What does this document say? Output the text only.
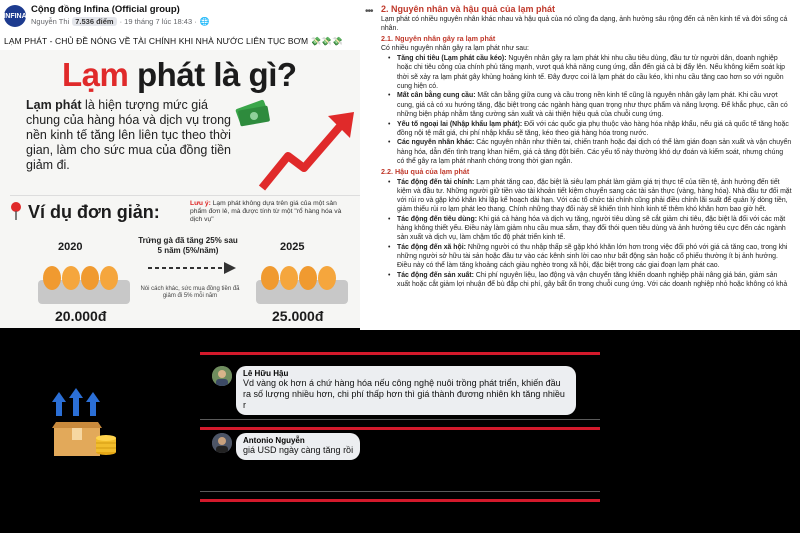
INFINA
Cộng đồng Infina (Official group)
Nguyễn Thi 7.536 điểm · 19 tháng 7 lúc 18:43 · 🌐
LẠM PHÁT - CHỦ ĐỀ NÓNG VỀ TÀI CHÍNH KHI NHÀ NƯỚC LIÊN TỤC BƠM 💸💸💸
Lạm phát là gì?
Lạm phát là hiện tượng mức giá chung của hàng hóa và dịch vụ trong nền kinh tế tăng lên liên tục theo thời gian, làm cho sức mua của đồng tiền giảm đi.
Ví dụ đơn giản:	Lưu ý: Lạm phát không dựa trên giá của một sản phẩm đơn lẻ, mà được tính từ một "rổ hàng hóa và dịch vụ"
2020	2025
Trứng gà đã tăng 25% sau 5 năm (5%/năm)
Nói cách khác, sức mua đồng tiền đã giảm đi 5% mỗi năm
20.000đ	25.000đ
••• 2. Nguyên nhân và hậu quả của lạm phát
Lạm phát có nhiều nguyên nhân khác nhau và hậu quả của nó cũng đa dạng, ảnh hưởng sâu rộng đến cả nền kinh tế và đời sống cá nhân.
2.1. Nguyên nhân gây ra lạm phát
Có nhiều nguyên nhân gây ra lạm phát như sau:
• Tăng chi tiêu (Lạm phát cầu kéo): Nguyên nhân gây ra lạm phát khi nhu cầu tiêu dùng, đầu tư từ người dân, doanh nghiệp hoặc chi tiêu công của chính phủ tăng mạnh, vượt quá khả năng cung ứng, dẫn đến giá cả bị đẩy lên. Nếu không kiểm soát kịp thời sẽ xảy ra lạm phát gây khủng hoảng kinh tế. Đây được coi là lạm phát do cầu kéo, khi nhu cầu tăng cao hơn so với nguồn cung hiện có.
• Mất cân bằng cung cầu: Mất cân bằng giữa cung và cầu trong nền kinh tế cũng là nguyên nhân gây lạm phát. Khi cầu vượt cung, giá cả có xu hướng tăng, đặc biệt trong các ngành hàng quan trọng như thực phẩm và năng lượng. Để khắc phục, cần có những biện pháp nhằm tăng cường sản xuất và cải thiện hiệu quả của chuỗi cung ứng.
• Yếu tố ngoại lai (Nhập khẩu lạm phát): Đối với các quốc gia phụ thuộc vào hàng hóa nhập khẩu, nếu giá cả quốc tế tăng hoặc đồng nội tệ mất giá, chi phí nhập khẩu sẽ tăng, kéo theo giá hàng hóa trong nước.
• Các nguyên nhân khác: Các nguyên nhân như thiên tai, chiến tranh hoặc đại dịch có thể làm gián đoạn sản xuất và vận chuyển hàng hóa, dẫn đến tình trạng khan hiếm, giá cả tăng đột biến. Các yếu tố này thường khó dự đoán và kiểm soát, nhưng chúng có thể gây ra lạm phát nhanh chóng trong thời gian ngắn.
2.2. Hậu quả của lạm phát
• Tác động đến tài chính: Lạm phát tăng cao, đặc biệt là siêu lạm phát làm giảm giá trị thực tế của tiền tệ, ảnh hưởng đến tiết kiệm và đầu tư. Những người giữ tiền vào tài khoản tiết kiệm chuyển sang các tài sản thực (vàng, hàng hóa). Nhà đầu tư đối mặt với rủi ro và gặp khó khăn khi lập kế hoạch dài hạn. Với các tổ chức tài chính cũng phải điều chỉnh lãi suất để quản lý dòng tiền, giảm thiểu rủi ro lạm phát leo thang. Chính những thay đổi này sẽ khiến tình hình kinh tế thêm khó khăn hơn bao giờ hết.
• Tác động đến tiêu dùng: Khi giá cả hàng hóa và dịch vụ tăng, người tiêu dùng sẽ cắt giảm chi tiêu, đặc biệt là đối với các mặt hàng không thiết yếu. Điều này làm giảm nhu cầu mua sắm, thay đổi thói quen tiêu dùng và ảnh hưởng tiêu cực đến các ngành sản xuất và dịch vụ, làm chậm tốc độ phát triển kinh tế.
• Tác động đến xã hội: Những người có thu nhập thấp sẽ gặp khó khăn lớn hơn trong việc đối phó với giá cả tăng cao, trong khi những người sở hữu tài sản hoặc đầu tư vào các kênh sinh lời cao như bất động sản hoặc cổ phiếu thường ít bị ảnh hưởng. Điều này có thể làm tăng khoảng cách giàu nghèo trong xã hội, đặc biệt trong các giai đoạn lạm phát cao.
• Tác động đến sản xuất: Chi phí nguyên liệu, lao động và vận chuyển tăng khiến doanh nghiệp phải nâng giá bán, giảm sản xuất hoặc cắt giảm lợi nhuận để bù đắp chi phí, gây bất ổn trong chuỗi cung ứng. Với các doanh nghiệp nhỏ hoặc không có khả
Lê Hữu Hậu
Vd vàng ok hơn á chứ hàng hóa nếu công nghệ nuôi trồng phát triển, khiến đầu ra số lượng nhiều hơn, chi phí thấp hơn thì giá thành đương nhiên kh tăng nhiều r
Antonio Nguyễn
giá USD ngày càng tăng rồi
